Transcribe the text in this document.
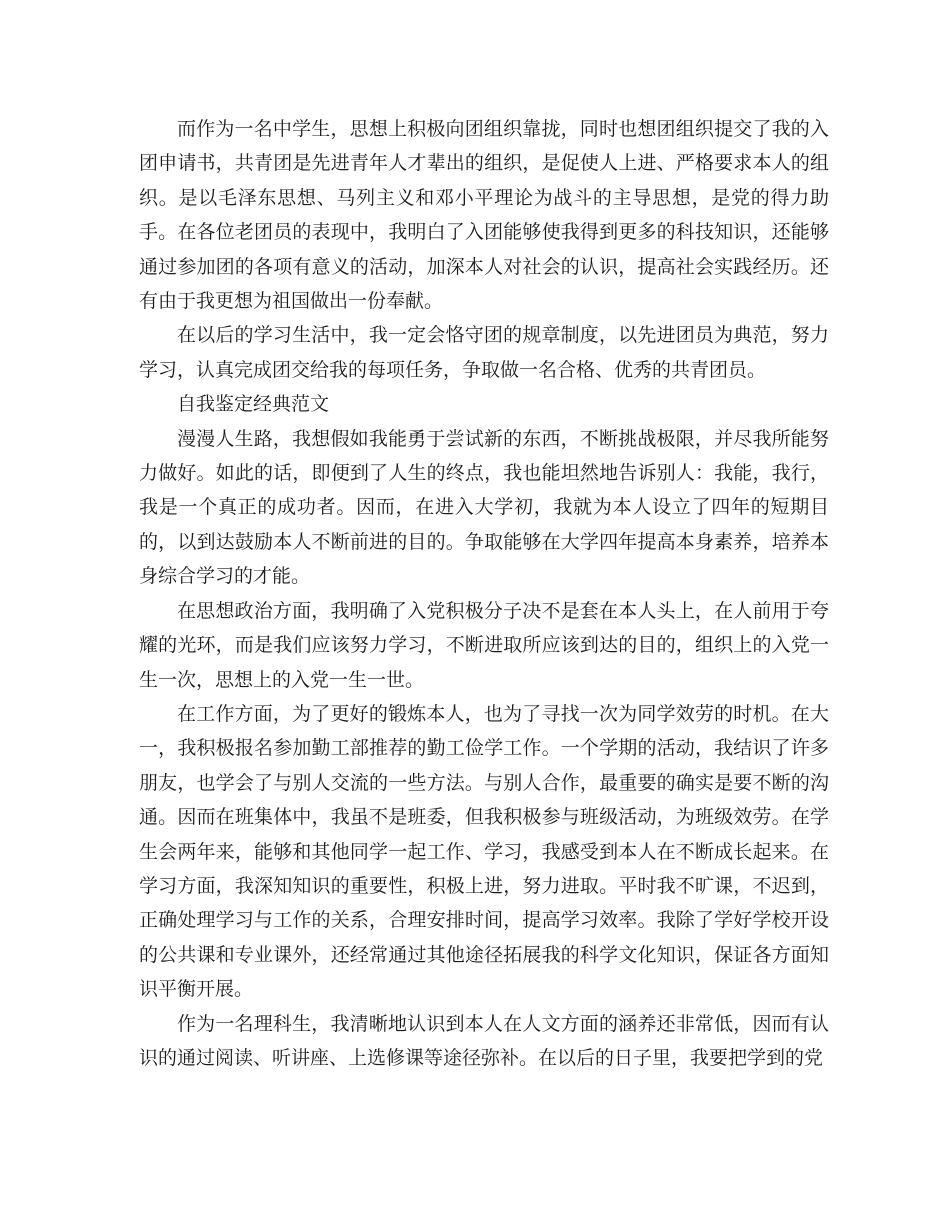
而作为一名中学生，思想上积极向团组织靠拢，同时也想团组织提交了我的入团申请书，共青团是先进青年人才辈出的组织，是促使人上进、严格要求本人的组织。是以毛泽东思想、马列主义和邓小平理论为战斗的主导思想，是党的得力助手。在各位老团员的表现中，我明白了入团能够使我得到更多的科技知识，还能够通过参加团的各项有意义的活动，加深本人对社会的认识，提高社会实践经历。还有由于我更想为祖国做出一份奉献。

在以后的学习生活中，我一定会恪守团的规章制度，以先进团员为典范，努力学习，认真完成团交给我的每项任务，争取做一名合格、优秀的共青团员。

自我鉴定经典范文

漫漫人生路，我想假如我能勇于尝试新的东西，不断挑战极限，并尽我所能努力做好。如此的话，即便到了人生的终点，我也能坦然地告诉别人：我能，我行，我是一个真正的成功者。因而，在进入大学初，我就为本人设立了四年的短期目的，以到达鼓励本人不断前进的目的。争取能够在大学四年提高本身素养，培养本身综合学习的才能。

在思想政治方面，我明确了入党积极分子决不是套在本人头上，在人前用于夸耀的光环，而是我们应该努力学习，不断进取所应该到达的目的，组织上的入党一生一次，思想上的入党一生一世。

在工作方面，为了更好的锻炼本人，也为了寻找一次为同学效劳的时机。在大一，我积极报名参加勤工部推荐的勤工俭学工作。一个学期的活动，我结识了许多朋友，也学会了与别人交流的一些方法。与别人合作，最重要的确实是要不断的沟通。因而在班集体中，我虽不是班委，但我积极参与班级活动，为班级效劳。在学生会两年来，能够和其他同学一起工作、学习，我感受到本人在不断成长起来。在学习方面，我深知知识的重要性，积极上进，努力进取。平时我不旷课，不迟到，正确处理学习与工作的关系，合理安排时间，提高学习效率。我除了学好学校开设的公共课和专业课外，还经常通过其他途径拓展我的科学文化知识，保证各方面知识平衡开展。

作为一名理科生，我清晰地认识到本人在人文方面的涵养还非常低，因而有认识的通过阅读、听讲座、上选修课等途径弥补。在以后的日子里，我要把学到的党
